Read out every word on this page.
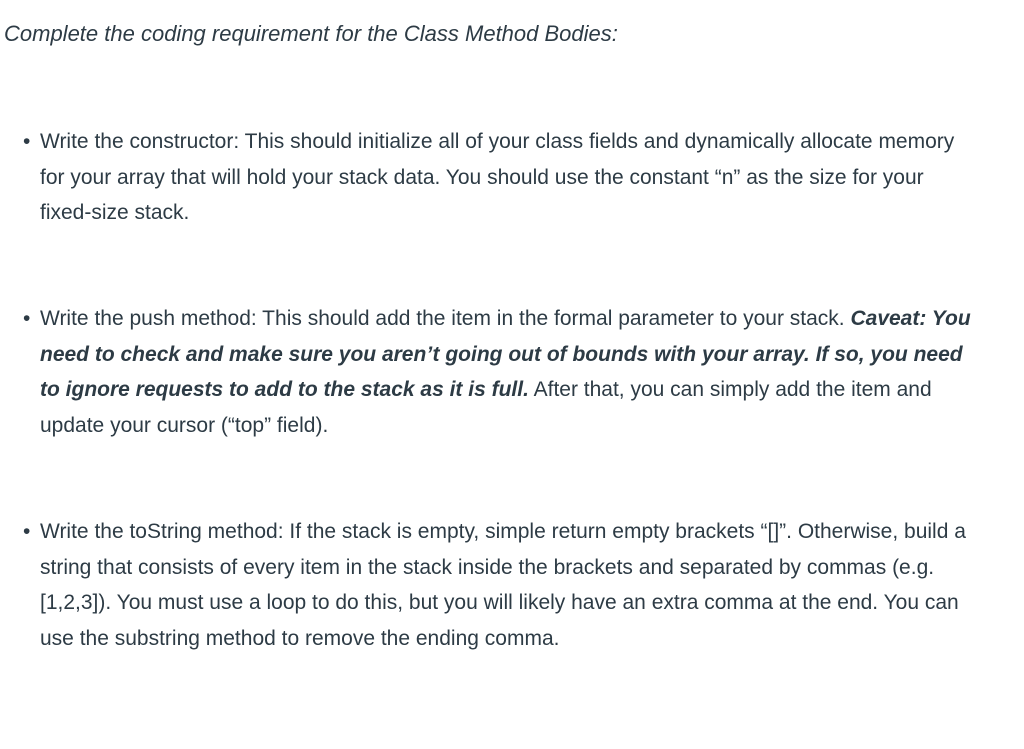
Complete the coding requirement for the Class Method Bodies:
• Write the constructor: This should initialize all of your class fields and dynamically allocate memory for your array that will hold your stack data. You should use the constant “n” as the size for your fixed-size stack.
• Write the push method: This should add the item in the formal parameter to your stack. Caveat: You need to check and make sure you aren’t going out of bounds with your array. If so, you need to ignore requests to add to the stack as it is full. After that, you can simply add the item and update your cursor (“top” field).
• Write the toString method: If the stack is empty, simple return empty brackets “[]”. Otherwise, build a string that consists of every item in the stack inside the brackets and separated by commas (e.g. [1,2,3]). You must use a loop to do this, but you will likely have an extra comma at the end. You can use the substring method to remove the ending comma.
